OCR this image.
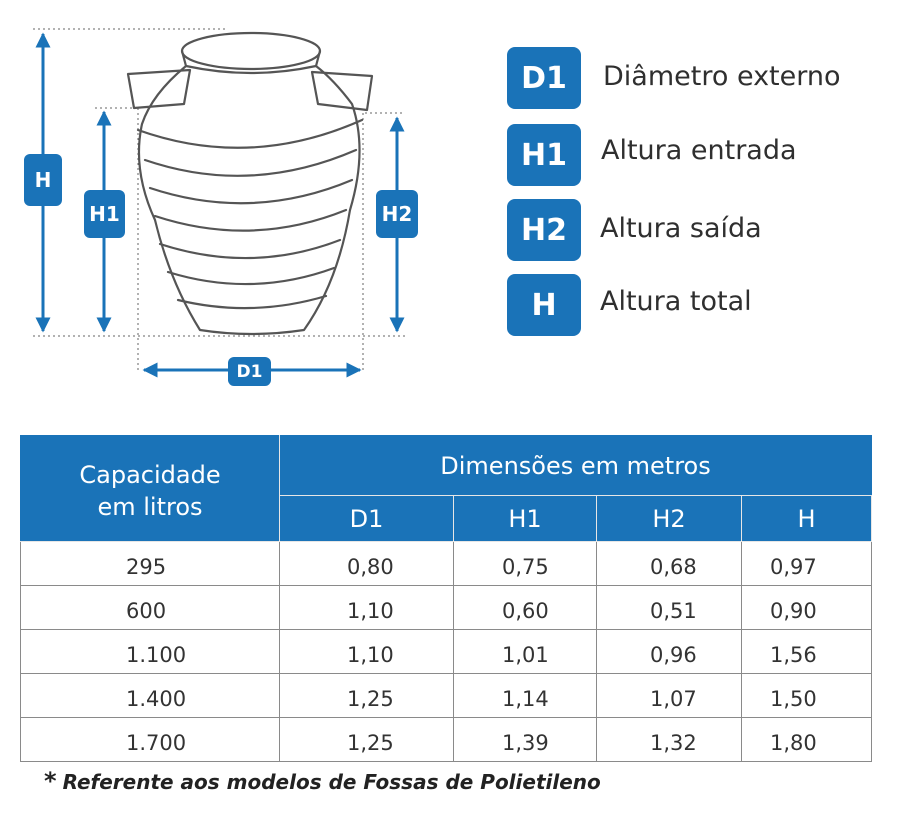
H
H1	H2
D1
D1	Diâmetro externo
H1	Altura entrada
H2	Altura saída
H	Altura total
Capacidade em litros	Dimensões em metros			
	D1	H1	H2	H
295	0,80	0,75	0,68	0,97
600	1,10	0,60	0,51	0,90
1.100	1,10	1,01	0,96	1,56
1.400	1,25	1,14	1,07	1,50
1.700	1,25	1,39	1,32	1,80
* Referente aos modelos de Fossas de Polietileno
